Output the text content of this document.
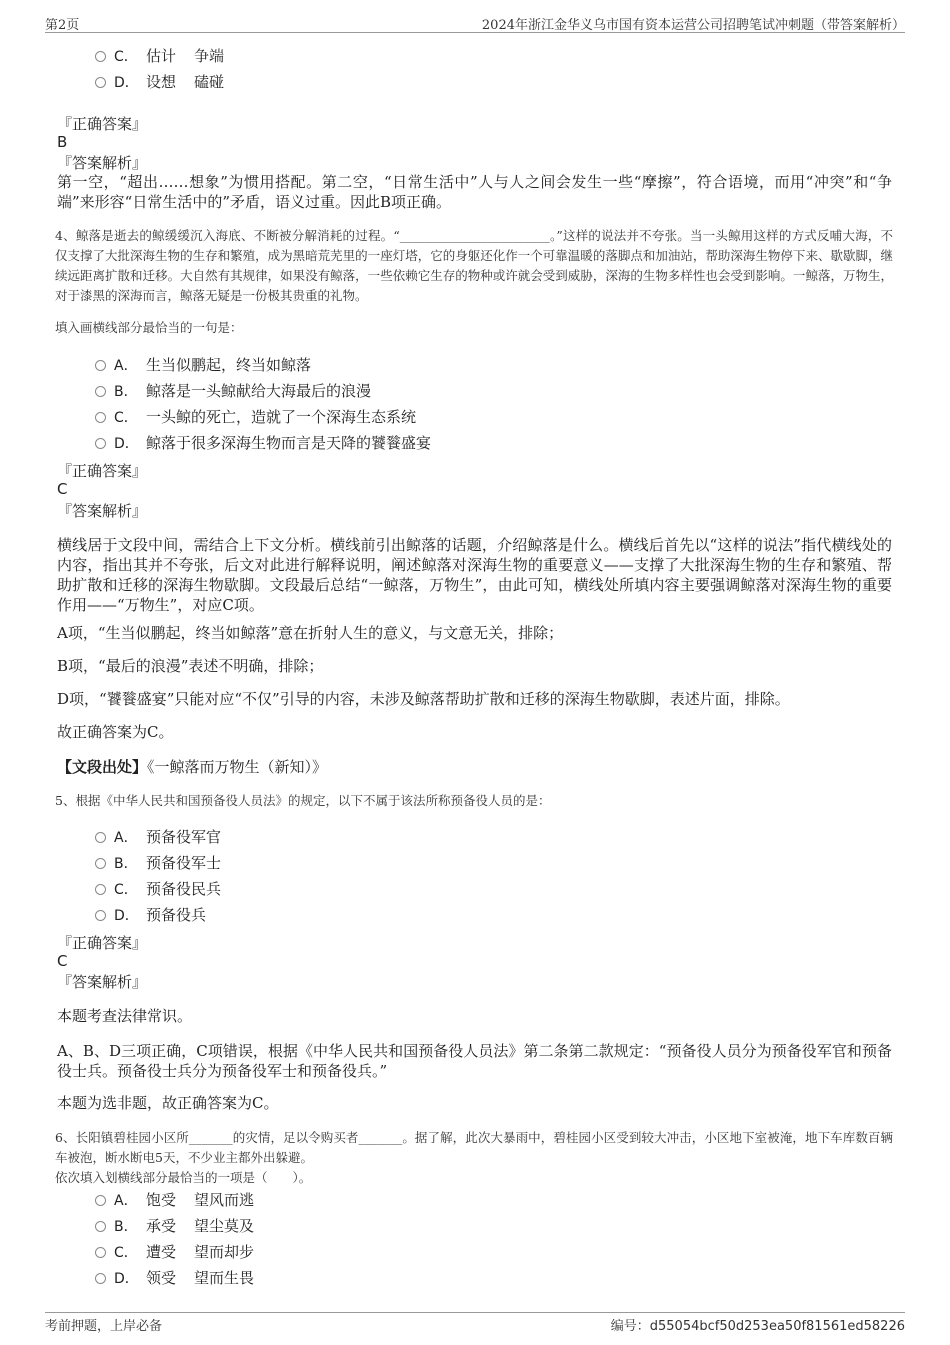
第2页	2024年浙江金华义乌市国有资本运营公司招聘笔试冲刺题（带答案解析）
C． 估计 争端
D． 设想 磕碰
『正确答案』
B
『答案解析』
第一空，“超出……想象”为惯用搭配。第二空，“日常生活中”人与人之间会发生一些“摩擦”，符合语境，而用“冲突”和“争端”来形容“日常生活中的”矛盾，语义过重。因此B项正确。
4、鲸落是逝去的鲸缓缓沉入海底、不断被分解消耗的过程。“________________________。”这样的说法并不夸张。当一头鲸用这样的方式反哺大海，不仅支撑了大批深海生物的生存和繁殖，成为黑暗荒芜里的一座灯塔，它的身躯还化作一个可靠温暖的落脚点和加油站，帮助深海生物停下来、歇歇脚，继续远距离扩散和迁移。大自然有其规律，如果没有鲸落，一些依赖它生存的物种或许就会受到威胁，深海的生物多样性也会受到影响。一鲸落，万物生，对于漆黑的深海而言，鲸落无疑是一份极其贵重的礼物。
填入画横线部分最恰当的一句是：
A． 生当似鹏起，终当如鲸落
B． 鲸落是一头鲸献给大海最后的浪漫
C． 一头鲸的死亡，造就了一个深海生态系统
D． 鲸落于很多深海生物而言是天降的饕餮盛宴
『正确答案』
C
『答案解析』
横线居于文段中间，需结合上下文分析。横线前引出鲸落的话题，介绍鲸落是什么。横线后首先以“这样的说法”指代横线处的内容，指出其并不夸张，后文对此进行解释说明，阐述鲸落对深海生物的重要意义——支撑了大批深海生物的生存和繁殖、帮助扩散和迁移的深海生物歇脚。文段最后总结“一鲸落，万物生”，由此可知，横线处所填内容主要强调鲸落对深海生物的重要作用——“万物生”，对应C项。
A项，“生当似鹏起，终当如鲸落”意在折射人生的意义，与文意无关，排除；
B项，“最后的浪漫”表述不明确，排除；
D项，“饕餮盛宴”只能对应“不仅”引导的内容，未涉及鲸落帮助扩散和迁移的深海生物歇脚，表述片面，排除。
故正确答案为C。
【文段出处】《一鲸落而万物生（新知）》
5、根据《中华人民共和国预备役人员法》的规定，以下不属于该法所称预备役人员的是：
A． 预备役军官
B． 预备役军士
C． 预备役民兵
D． 预备役兵
『正确答案』
C
『答案解析』
本题考查法律常识。
A、B、D三项正确，C项错误，根据《中华人民共和国预备役人员法》第二条第二款规定：“预备役人员分为预备役军官和预备役士兵。预备役士兵分为预备役军士和预备役兵。”
本题为选非题，故正确答案为C。
6、长阳镇碧桂园小区所_______的灾情，足以令购买者_______。据了解，此次大暴雨中，碧桂园小区受到较大冲击，小区地下室被淹，地下车库数百辆车被泡，断水断电5天，不少业主都外出躲避。
依次填入划横线部分最恰当的一项是（　　）。
A． 饱受 望风而逃
B． 承受 望尘莫及
C． 遭受 望而却步
D． 领受 望而生畏
考前押题，上岸必备	编号：d55054bcf50d253ea50f81561ed58226
